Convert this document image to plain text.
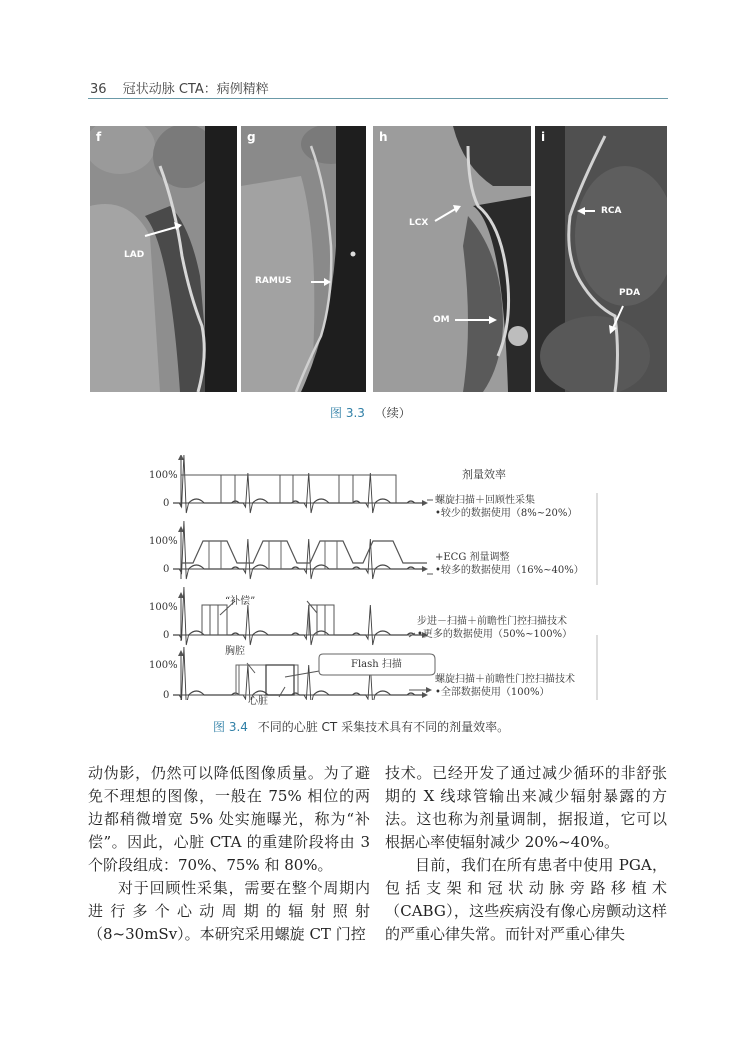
36 冠状动脉 CTA：病例精粹
f
LAD
g
RAMUS
h
LCX
OM
i
RCA
PDA
图 3.3 （续）
100%
0
100%
0
100%
0
100%
0
剂量效率
螺旋扫描＋回顾性采集
•较少的数据使用（8%~20%）
+ECG 剂量调整
•较多的数据使用（16%~40%）
步进－扫描＋前瞻性门控扫描技术
•更多的数据使用（50%~100%）
螺旋扫描＋前瞻性门控扫描技术
•全部数据使用（100%）
“补偿”
胸腔
心脏
Flash 扫描
图 3.4 不同的心脏 CT 采集技术具有不同的剂量效率。

动伪影，仍然可以降低图像质量。为了避免不理想的图像，一般在 75% 相位的两边都稍微增宽 5% 处实施曝光，称为“补偿”。因此，心脏 CTA 的重建阶段将由 3 个阶段组成：70%、75% 和 80%。

对于回顾性采集，需要在整个周期内进行多个心动周期的辐射照射（8~30mSv）。本研究采用螺旋 CT 门控

技术。已经开发了通过减少循环的非舒张期的 X 线球管输出来减少辐射暴露的方法。这也称为剂量调制，据报道，它可以根据心率使辐射减少 20%~40%。

目前，我们在所有患者中使用 PGA，包括支架和冠状动脉旁路移植术（CABG），这些疾病没有像心房颤动这样的严重心律失常。而针对严重心律失
